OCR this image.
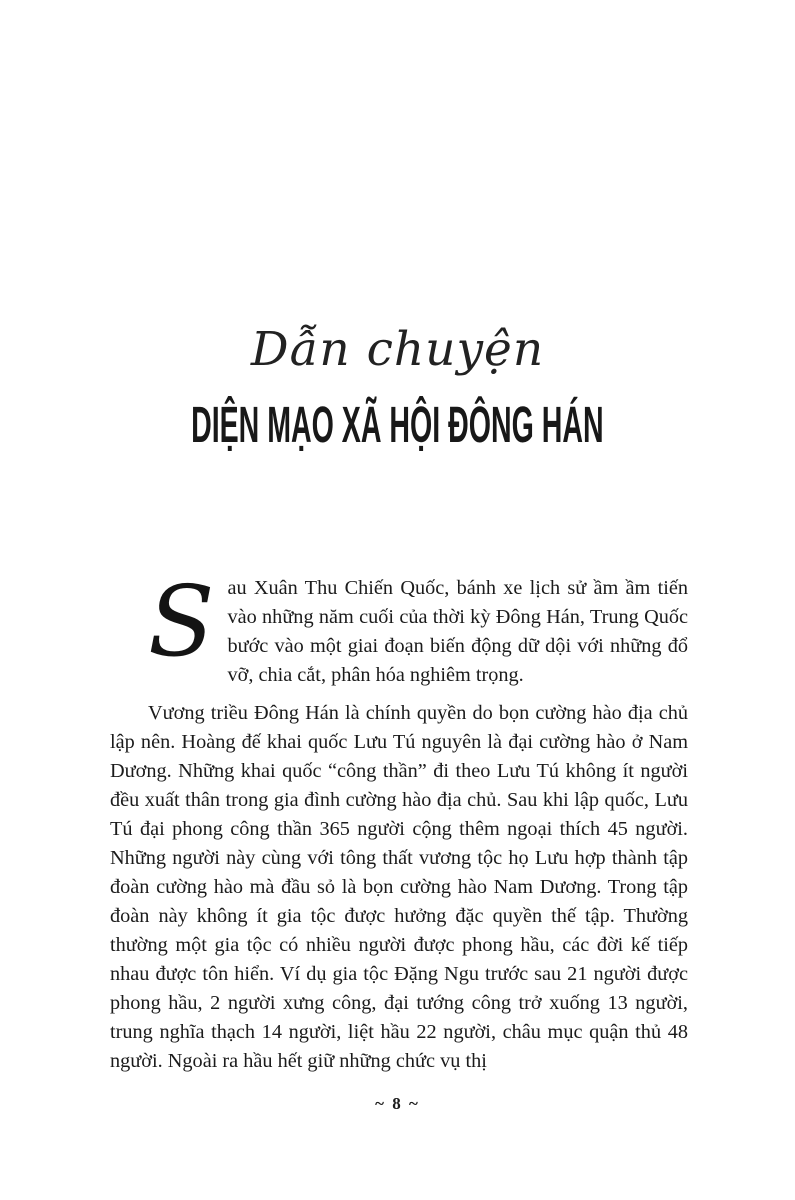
Dẫn chuyện
DIỆN MẠO XÃ HỘI ĐÔNG HÁN

S au Xuân Thu Chiến Quốc, bánh xe lịch sử ầm ầm tiến vào những năm cuối của thời kỳ Đông Hán, Trung Quốc bước vào một giai đoạn biến động dữ dội với những đổ vỡ, chia cắt, phân hóa nghiêm trọng.

Vương triều Đông Hán là chính quyền do bọn cường hào địa chủ lập nên. Hoàng đế khai quốc Lưu Tú nguyên là đại cường hào ở Nam Dương. Những khai quốc “công thần” đi theo Lưu Tú không ít người đều xuất thân trong gia đình cường hào địa chủ. Sau khi lập quốc, Lưu Tú đại phong công thần 365 người cộng thêm ngoại thích 45 người. Những người này cùng với tông thất vương tộc họ Lưu hợp thành tập đoàn cường hào mà đầu sỏ là bọn cường hào Nam Dương. Trong tập đoàn này không ít gia tộc được hưởng đặc quyền thế tập. Thường thường một gia tộc có nhiều người được phong hầu, các đời kế tiếp nhau được tôn hiển. Ví dụ gia tộc Đặng Ngu trước sau 21 người được phong hầu, 2 người xưng công, đại tướng công trở xuống 13 người, trung nghĩa thạch 14 người, liệt hầu 22 người, châu mục quận thủ 48 người. Ngoài ra hầu hết giữ những chức vụ thị

~ 8 ~
